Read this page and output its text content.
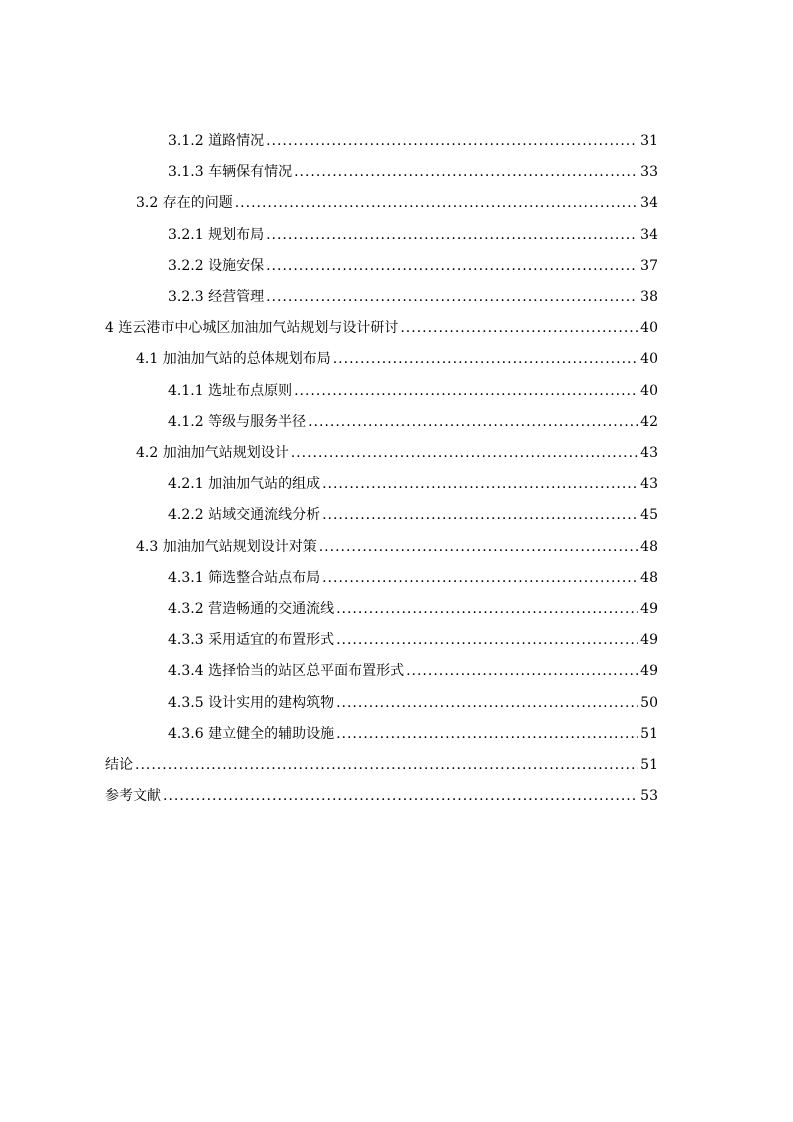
3.1.2 道路情况 .....	31
3.1.3 车辆保有情况 .....	33
3.2 存在的问题 .....	34
3.2.1 规划布局 .....	34
3.2.2 设施安保 .....	37
3.2.3 经营管理 .....	38
4 连云港市中心城区加油加气站规划与设计研讨 .....	40
4.1 加油加气站的总体规划布局 .....	40
4.1.1 选址布点原则 .....	40
4.1.2 等级与服务半径 .....	42
4.2 加油加气站规划设计 .....	43
4.2.1 加油加气站的组成 .....	43
4.2.2 站域交通流线分析 .....	45
4.3 加油加气站规划设计对策 .....	48
4.3.1 筛选整合站点布局 .....	48
4.3.2 营造畅通的交通流线 .....	49
4.3.3 采用适宜的布置形式 .....	49
4.3.4 选择恰当的站区总平面布置形式 .....	49
4.3.5 设计实用的建构筑物 .....	50
4.3.6 建立健全的辅助设施 .....	51
结论 .....	51
参考文献 .....	53
